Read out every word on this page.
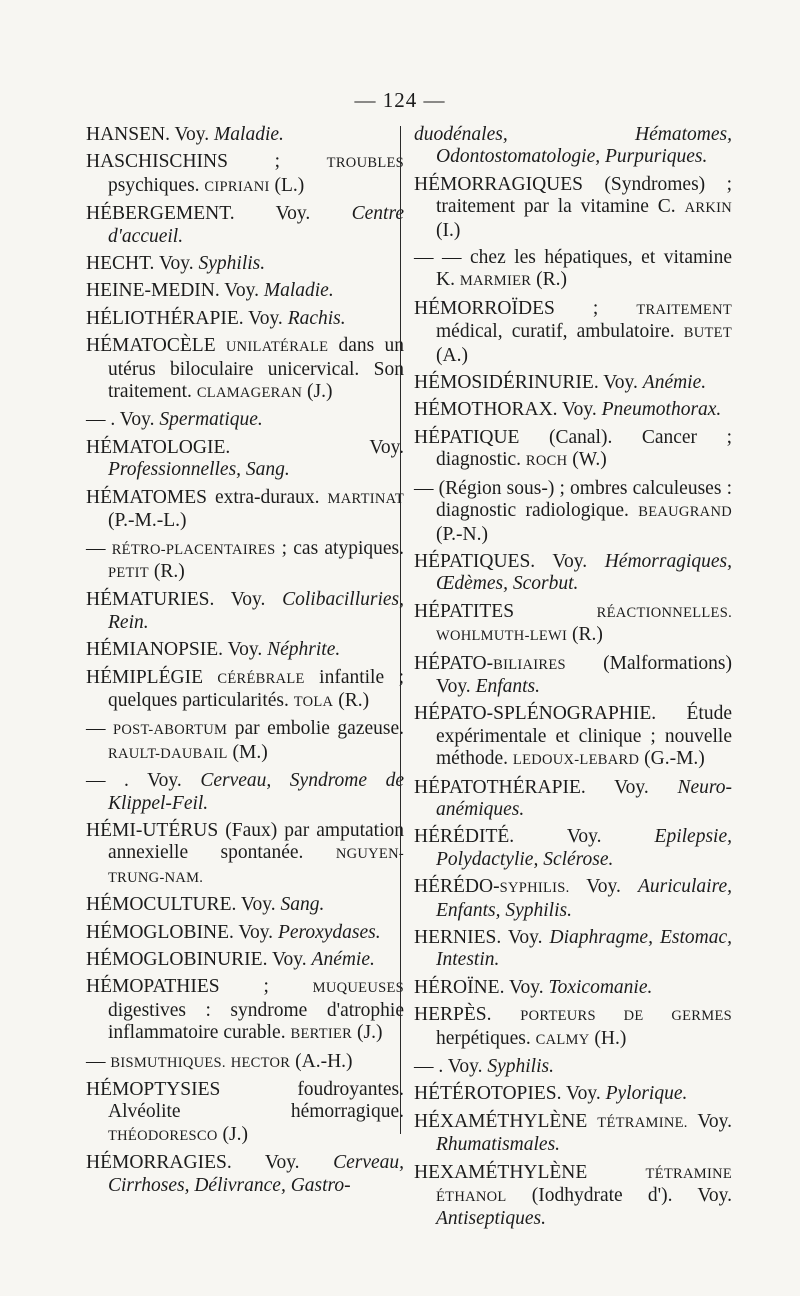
— 124 —

HANSEN. Voy. Maladie.

HASCHISCHINS ; TROUBLES psychiques. CIPRIANI (L.)

HÉBERGEMENT. Voy. Centre d'accueil.

HECHT. Voy. Syphilis.

HEINE-MEDIN. Voy. Maladie.

HÉLIOTHÉRAPIE. Voy. Rachis.

HÉMATOCÈLE UNILATÉRALE dans un utérus biloculaire unicervical. Son traitement. CLAMAGERAN (J.)

— . Voy. Spermatique.

HÉMATOLOGIE. Voy. Professionnelles, Sang.

HÉMATOMES extra-duraux. MARTINAT (P.-M.-L.)

— RÉTRO-PLACENTAIRES ; cas atypiques. PETIT (R.)

HÉMATURIES. Voy. Colibacilluries, Rein.

HÉMIANOPSIE. Voy. Néphrite.

HÉMIPLÉGIE CÉRÉBRALE infantile ; quelques particularités. TOLA (R.)

— POST-ABORTUM par embolie gazeuse. RAULT-DAUBAIL (M.)

— . Voy. Cerveau, Syndrome de Klippel-Feil.

HÉMI-UTÉRUS (Faux) par amputation annexielle spontanée. NGUYEN-TRUNG-NAM.

HÉMOCULTURE. Voy. Sang.

HÉMOGLOBINE. Voy. Peroxydases.

HÉMOGLOBINURIE. Voy. Anémie.

HÉMOPATHIES ; MUQUEUSES digestives : syndrome d'atrophie inflammatoire curable. BERTIER (J.)

— BISMUTHIQUES. HECTOR (A.-H.)

HÉMOPTYSIES foudroyantes. Alvéolite hémorragique. THÉODORESCO (J.)

HÉMORRAGIES. Voy. Cerveau, Cirrhoses, Délivrance, Gastro-

duodénales, Hématomes, Odontostomatologie, Purpuriques.

HÉMORRAGIQUES (Syndromes) ; traitement par la vitamine C. ARKIN (I.)

— — chez les hépatiques, et vitamine K. MARMIER (R.)

HÉMORROÏDES ; TRAITEMENT médical, curatif, ambulatoire. BUTET (A.)

HÉMOSIDÉRINURIE. Voy. Anémie.

HÉMOTHORAX. Voy. Pneumothorax.

HÉPATIQUE (Canal). Cancer ; diagnostic. ROCH (W.)

— (Région sous-) ; ombres calculeuses : diagnostic radiologique. BEAUGRAND (P.-N.)

HÉPATIQUES. Voy. Hémorragiques, Œdèmes, Scorbut.

HÉPATITES RÉACTIONNELLES. WOHLMUTH-LEWI (R.)

HÉPATO-BILIAIRES (Malformations) Voy. Enfants.

HÉPATO-SPLÉNOGRAPHIE. Étude expérimentale et clinique ; nouvelle méthode. LEDOUX-LEBARD (G.-M.)

HÉPATOTHÉRAPIE. Voy. Neuro-anémiques.

HÉRÉDITÉ. Voy. Epilepsie, Polydactylie, Sclérose.

HÉRÉDO-SYPHILIS. Voy. Auriculaire, Enfants, Syphilis.

HERNIES. Voy. Diaphragme, Estomac, Intestin.

HÉROÏNE. Voy. Toxicomanie.

HERPÈS. PORTEURS DE GERMES herpétiques. CALMY (H.)

— . Voy. Syphilis.

HÉTÉROTOPIES. Voy. Pylorique.

HÉXAMÉTHYLÈNE TÉTRAMINE. Voy. Rhumatismales.

HEXAMÉTHYLÈNE TÉTRAMINE ÉTHANOL (Iodhydrate d'). Voy. Antiseptiques.
